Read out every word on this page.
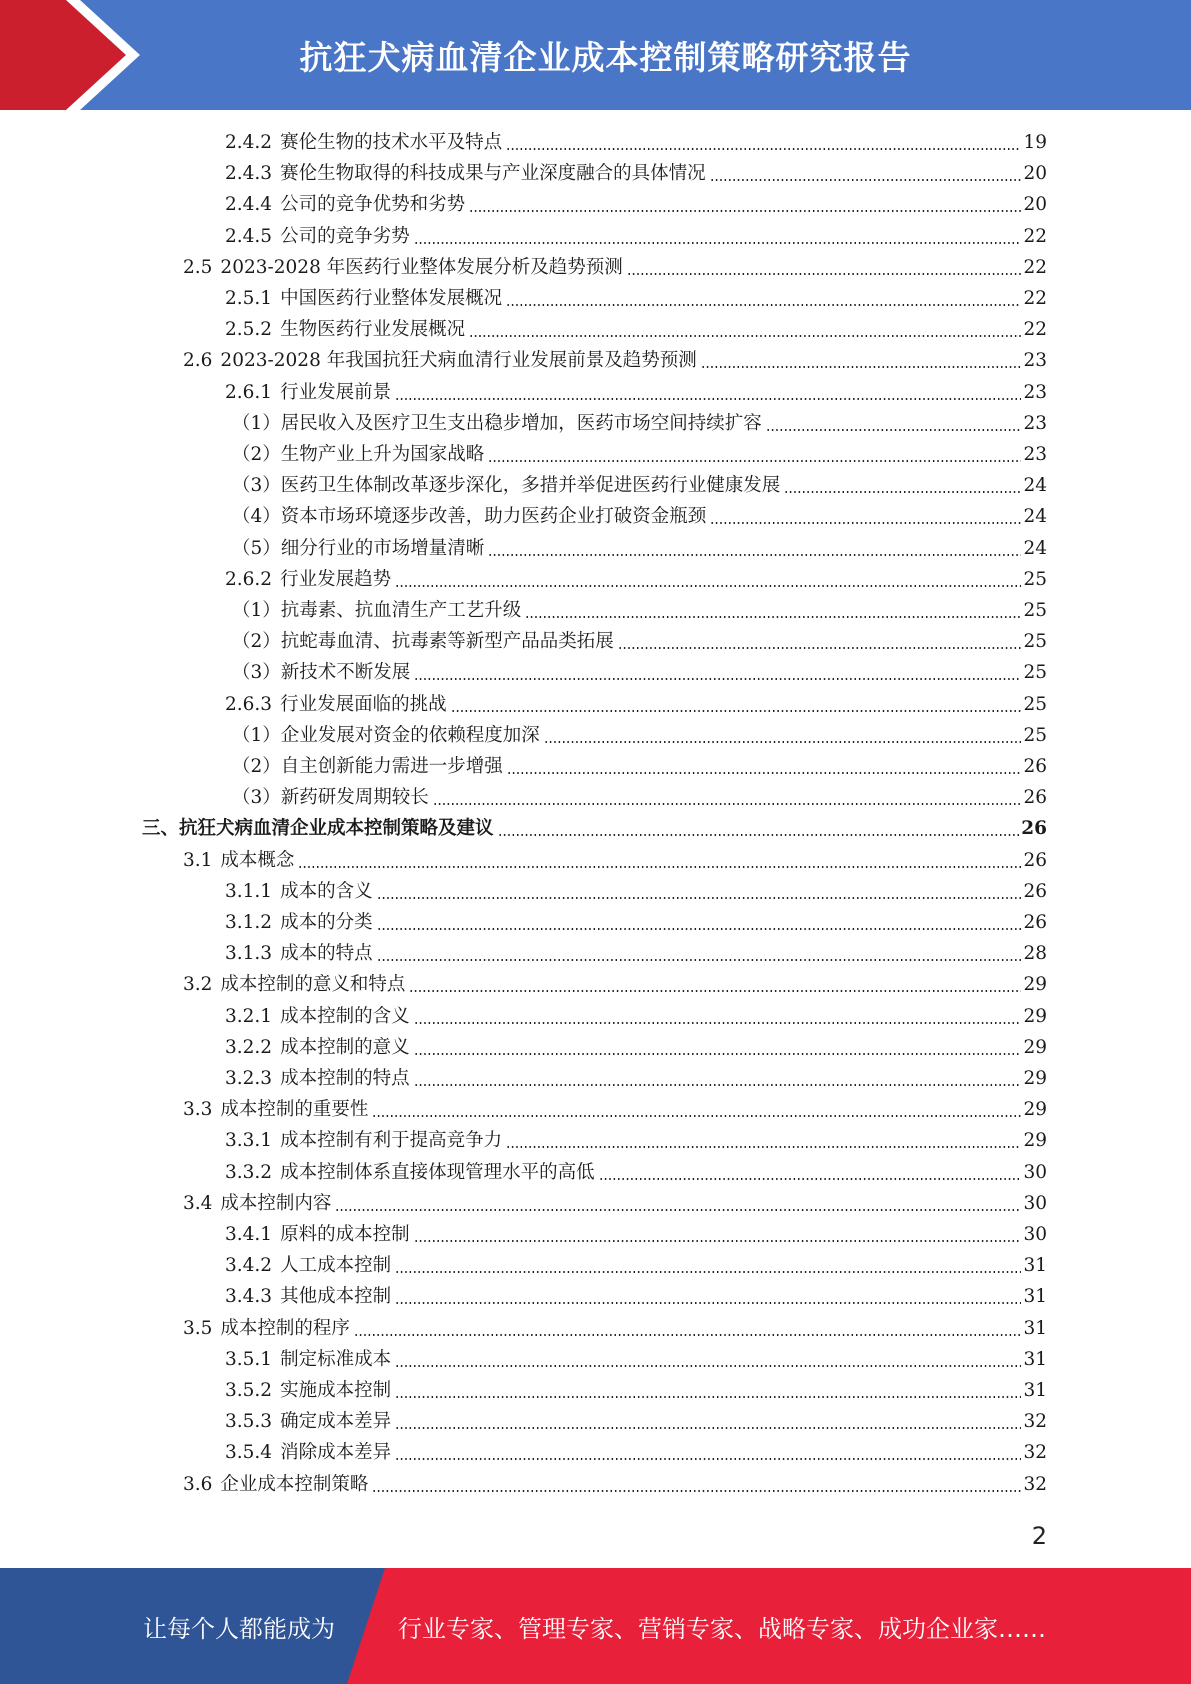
抗狂犬病血清企业成本控制策略研究报告
2.4.2 赛伦生物的技术水平及特点	19
2.4.3 赛伦生物取得的科技成果与产业深度融合的具体情况	20
2.4.4 公司的竞争优势和劣势	20
2.4.5 公司的竞争劣势	22
2.5 2023-2028 年医药行业整体发展分析及趋势预测	22
2.5.1 中国医药行业整体发展概况	22
2.5.2 生物医药行业发展概况	22
2.6 2023-2028 年我国抗狂犬病血清行业发展前景及趋势预测	23
2.6.1 行业发展前景	23
（1） 居民收入及医疗卫生支出稳步增加，医药市场空间持续扩容	23
（2） 生物产业上升为国家战略	23
（3） 医药卫生体制改革逐步深化，多措并举促进医药行业健康发展	24
（4） 资本市场环境逐步改善，助力医药企业打破资金瓶颈	24
（5） 细分行业的市场增量清晰	24
2.6.2 行业发展趋势	25
（1） 抗毒素、抗血清生产工艺升级	25
（2） 抗蛇毒血清、抗毒素等新型产品品类拓展	25
（3） 新技术不断发展	25
2.6.3 行业发展面临的挑战	25
（1） 企业发展对资金的依赖程度加深	25
（2） 自主创新能力需进一步增强	26
（3） 新药研发周期较长	26
三、 抗狂犬病血清企业成本控制策略及建议	26
3.1 成本概念	26
3.1.1 成本的含义	26
3.1.2 成本的分类	26
3.1.3 成本的特点	28
3.2 成本控制的意义和特点	29
3.2.1 成本控制的含义	29
3.2.2 成本控制的意义	29
3.2.3 成本控制的特点	29
3.3 成本控制的重要性	29
3.3.1 成本控制有利于提高竞争力	29
3.3.2 成本控制体系直接体现管理水平的高低	30
3.4 成本控制内容	30
3.4.1 原料的成本控制	30
3.4.2 人工成本控制	31
3.4.3 其他成本控制	31
3.5 成本控制的程序	31
3.5.1 制定标准成本	31
3.5.2 实施成本控制	31
3.5.3 确定成本差异	32
3.5.4 消除成本差异	32
3.6 企业成本控制策略	32
2
让每个人都能成为	行业专家、管理专家、营销专家、战略专家、成功企业家……
